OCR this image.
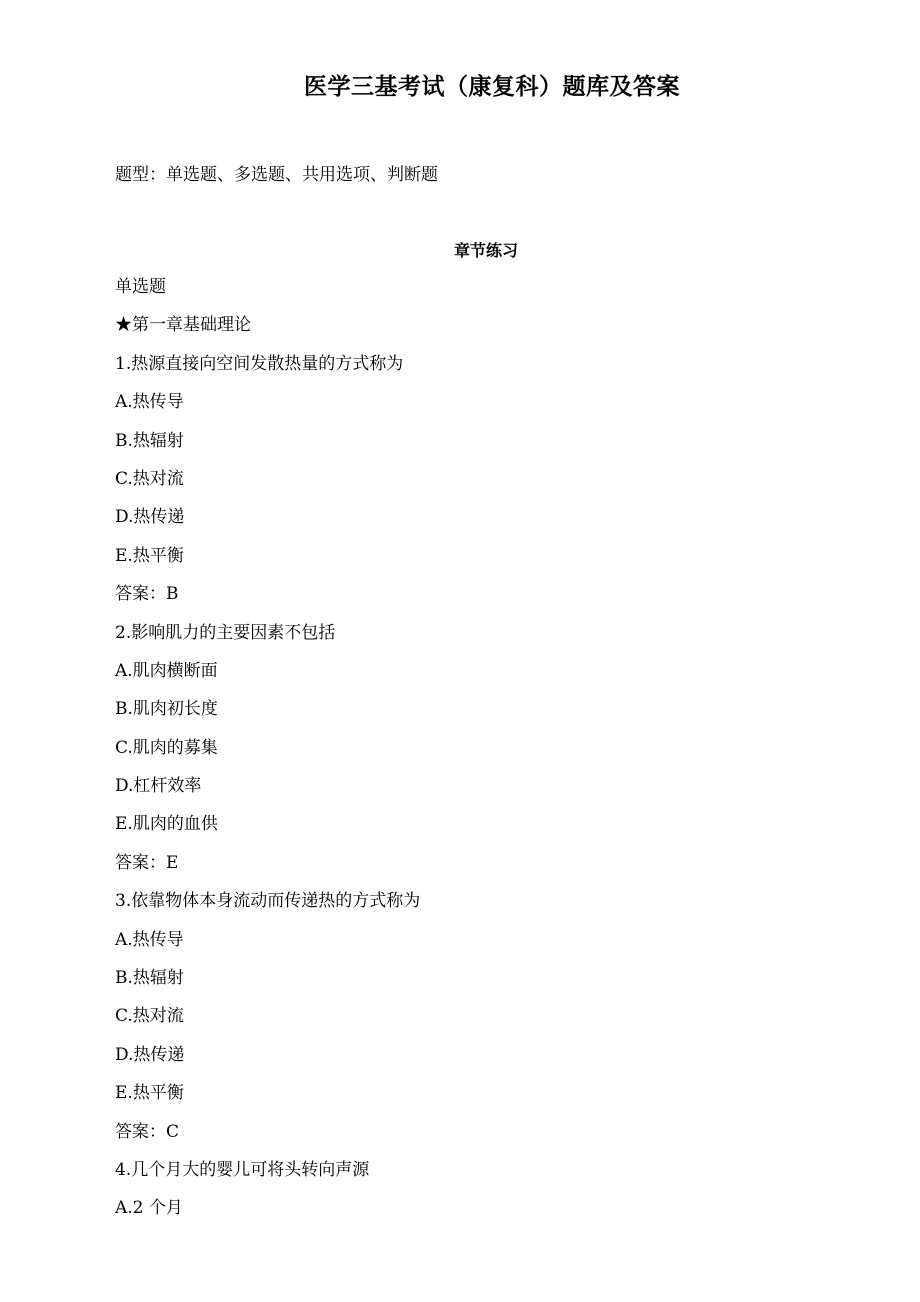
医学三基考试（康复科）题库及答案
题型：单选题、多选题、共用选项、判断题
章节练习
单选题
★第一章基础理论
1.热源直接向空间发散热量的方式称为
A.热传导
B.热辐射
C.热对流
D.热传递
E.热平衡
答案：B
2.影响肌力的主要因素不包括
A.肌肉横断面
B.肌肉初长度
C.肌肉的募集
D.杠杆效率
E.肌肉的血供
答案：E
3.依靠物体本身流动而传递热的方式称为
A.热传导
B.热辐射
C.热对流
D.热传递
E.热平衡
答案：C
4.几个月大的婴儿可将头转向声源
A.2 个月
